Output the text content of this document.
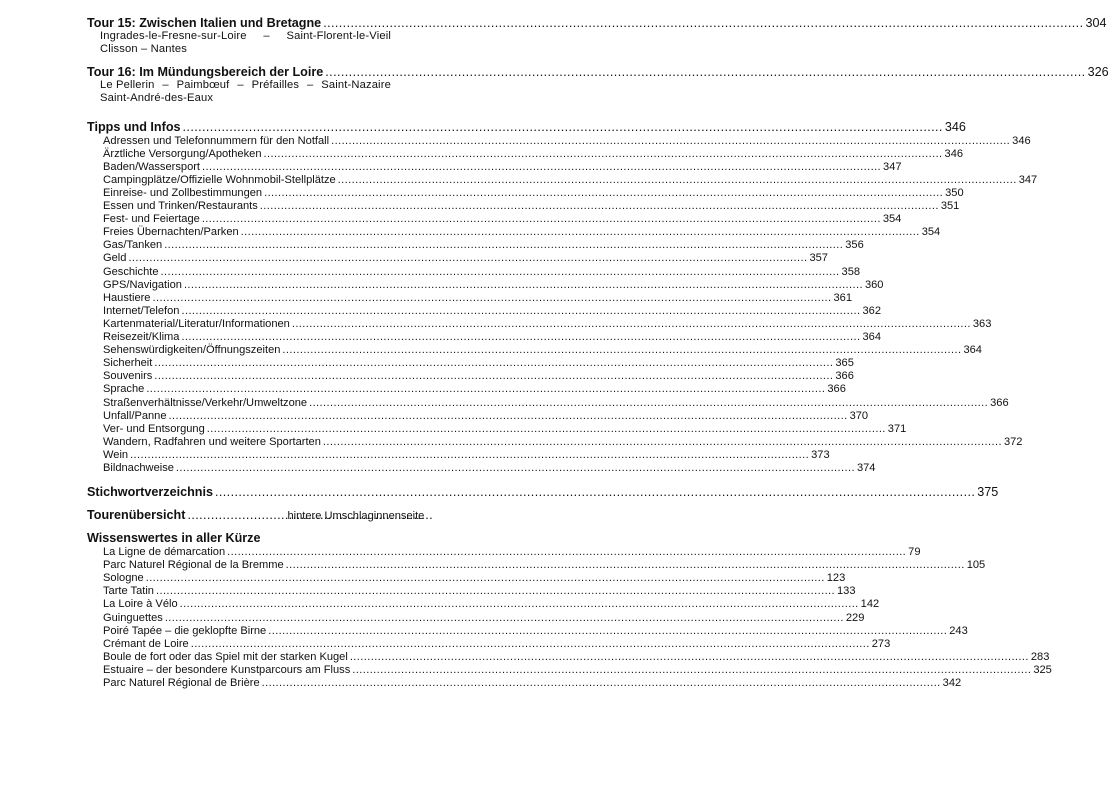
Tour 15: Zwischen Italien und Bretagne .....	304
Ingrades-le-Fresne-sur-Loire – Saint-Florent-le-Vieil
Clisson – Nantes
Tour 16: Im Mündungsbereich der Loire .....	326
Le Pellerin – Paimbœuf – Préfailles – Saint-Nazaire
Saint-André-des-Eaux
Tipps und Infos .....	346
Adressen und Telefonnummern für den Notfall .....	346
Ärztliche Versorgung/Apotheken .....	346
Baden/Wassersport .....	347
Campingplätze/Offizielle Wohnmobil-Stellplätze .....	347
Einreise- und Zollbestimmungen .....	350
Essen und Trinken/Restaurants .....	351
Fest- und Feiertage .....	354
Freies Übernachten/Parken .....	354
Gas/Tanken .....	356
Geld .....	357
Geschichte .....	358
GPS/Navigation .....	360
Haustiere .....	361
Internet/Telefon .....	362
Kartenmaterial/Literatur/Informationen .....	363
Reisezeit/Klima .....	364
Sehenswürdigkeiten/Öffnungszeiten .....	364
Sicherheit .....	365
Souvenirs .....	366
Sprache .....	366
Straßenverhältnisse/Verkehr/Umweltzone .....	366
Unfall/Panne .....	370
Ver- und Entsorgung .....	371
Wandern, Radfahren und weitere Sportarten .....	372
Wein .....	373
Bildnachweise .....	374
Stichwortverzeichnis .....	375
Tourenübersicht .....	hintere Umschlaginnenseite
Wissenswertes in aller Kürze
La Ligne de démarcation .....	79
Parc Naturel Régional de la Bremme .....	105
Sologne .....	123
Tarte Tatin .....	133
La Loire à Vélo .....	142
Guinguettes .....	229
Poiré Tapée – die geklopfte Birne .....	243
Crémant de Loire .....	273
Boule de fort oder das Spiel mit der starken Kugel .....	283
Estuaire – der besondere Kunstparcours am Fluss .....	325
Parc Naturel Régional de Brière .....	342
